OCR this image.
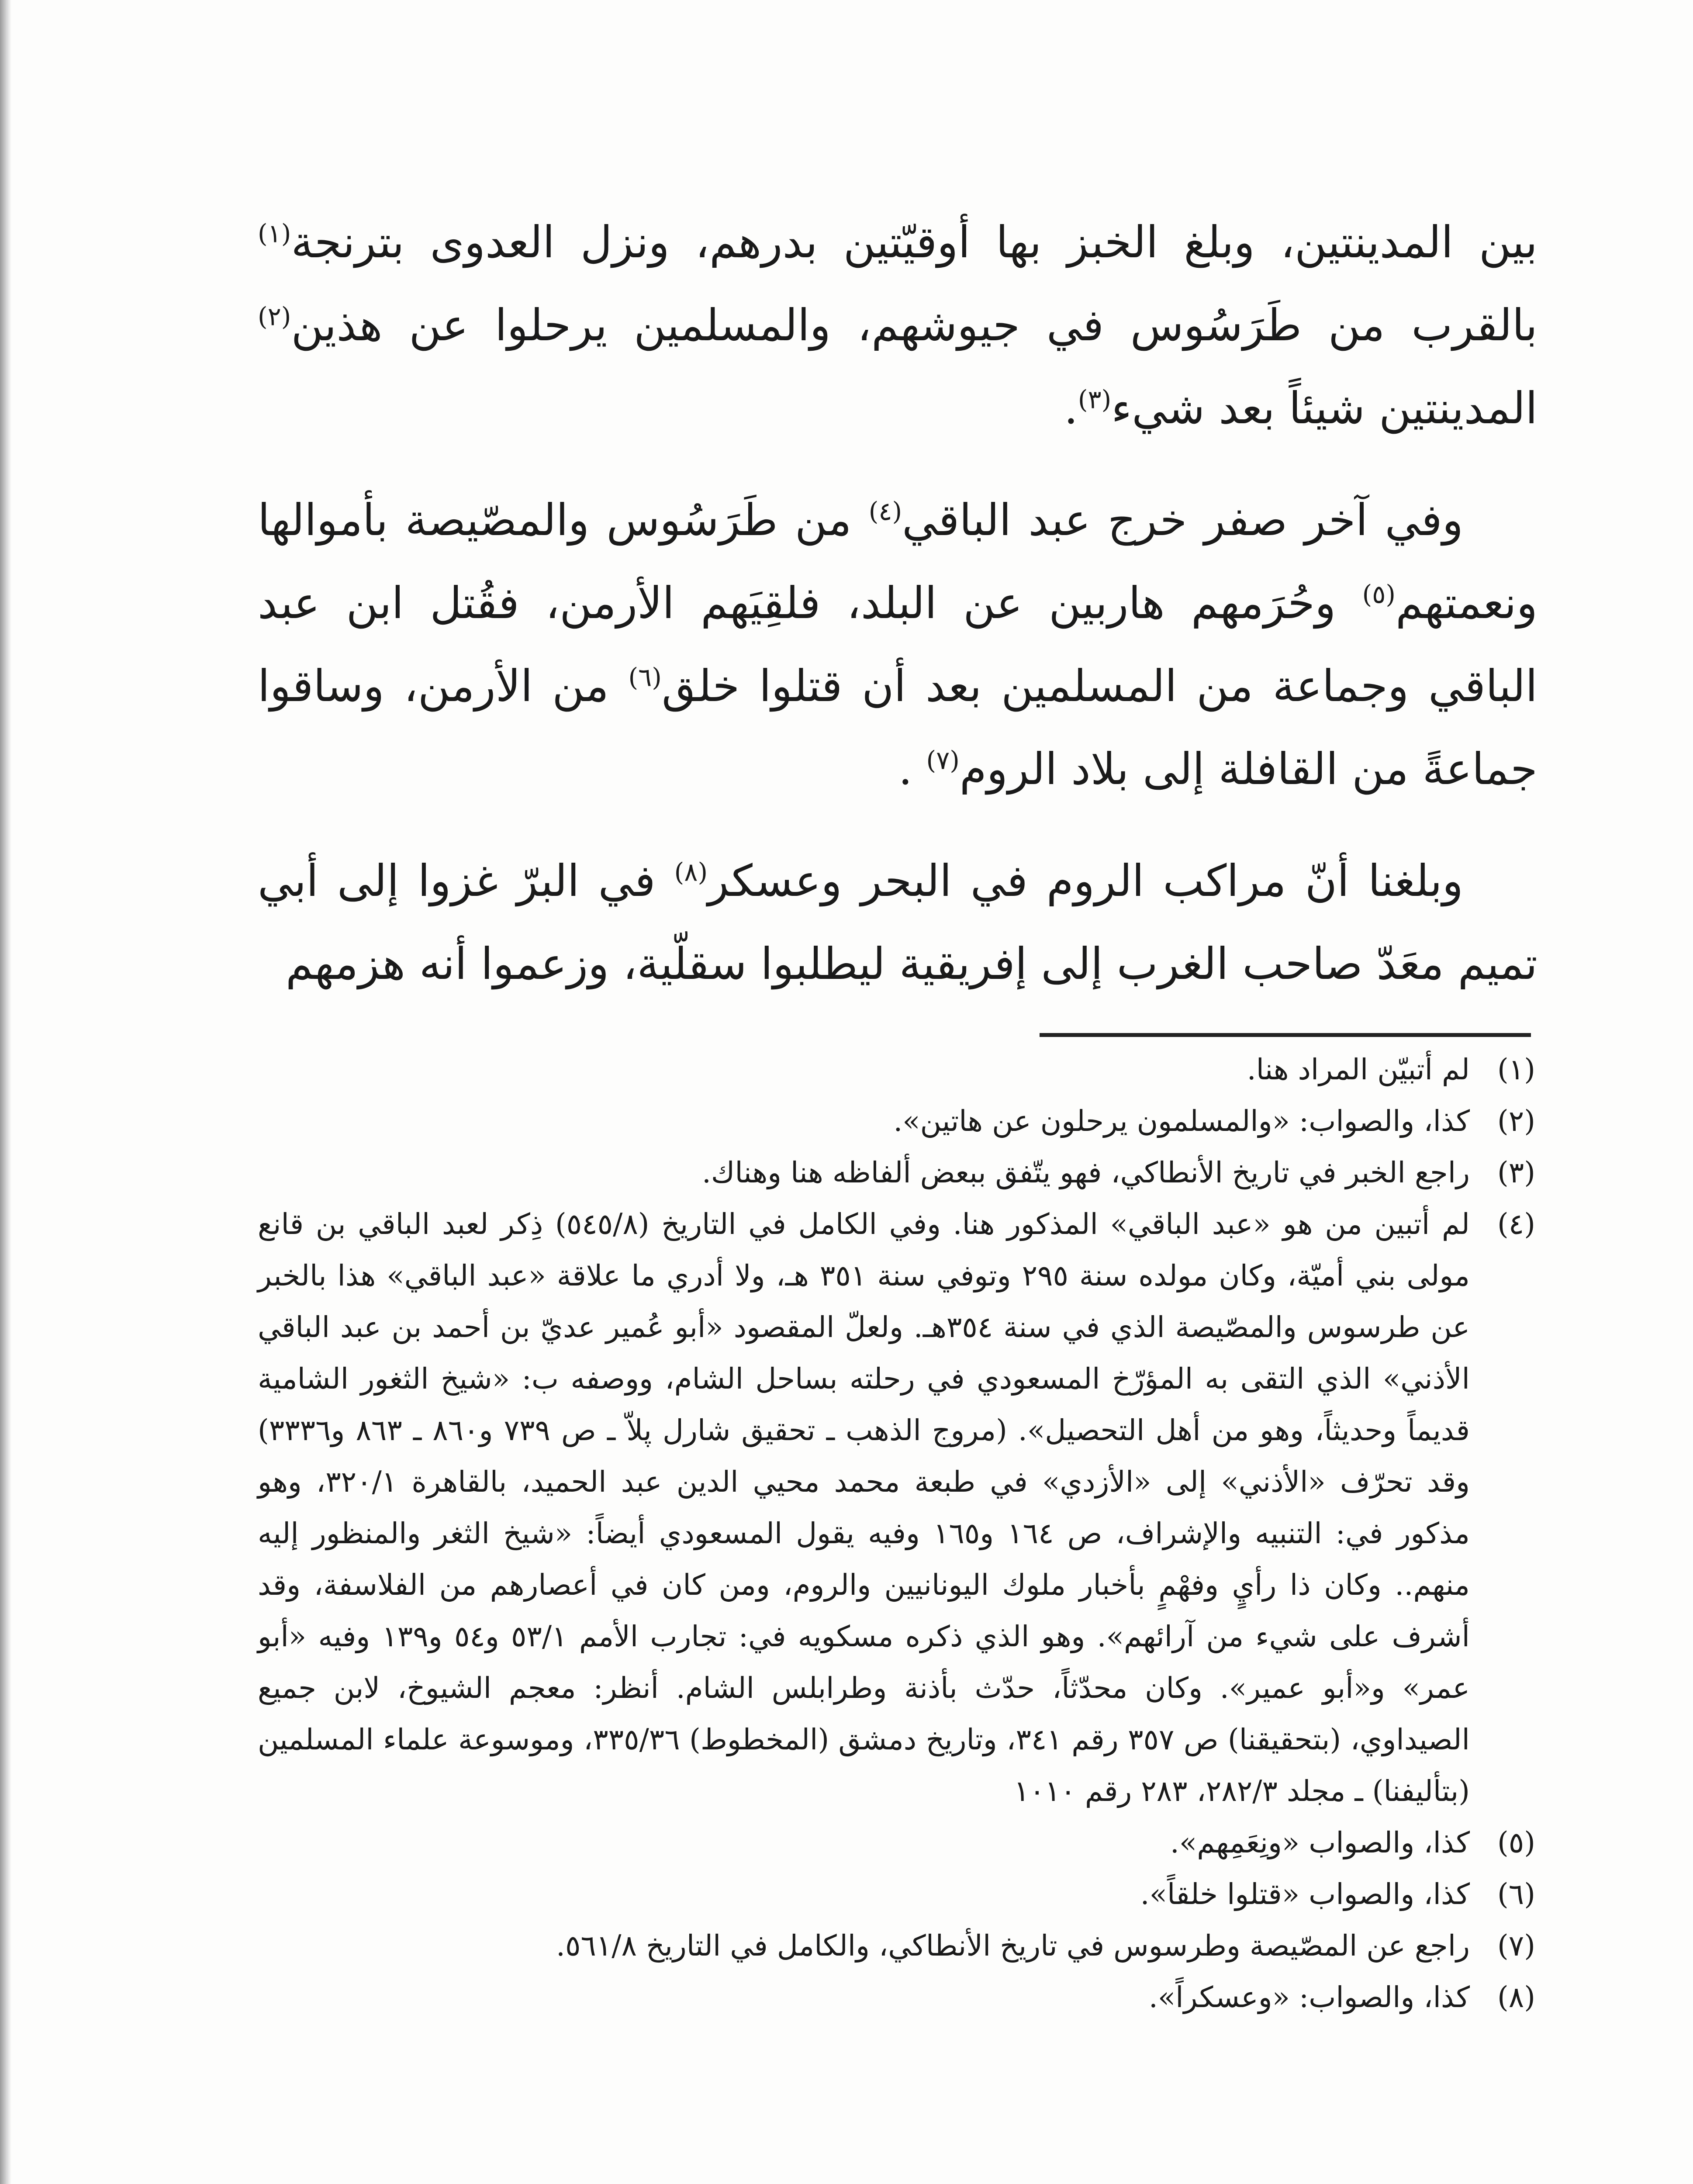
بين المدينتين، وبلغ الخبز بها أوقيّتين بدرهم، ونزل العدوى بترنجة$^{(١)}$ بالقرب من طَرَسُوس في جيوشهم، والمسلمين يرحلوا عن هذين$^{(٢)}$ المدينتين شيئاً بعد شيء$^{(٣)}$.

وفي آخر صفر خرج عبد الباقي$^{(٤)}$ من طَرَسُوس والمصّيصة بأموالها ونعمتهم$^{(٥)}$ وحُرَمهم هاربين عن البلد، فلقِيَهم الأرمن، فقُتل ابن عبد الباقي وجماعة من المسلمين بعد أن قتلوا خلق$^{(٦)}$ من الأرمن، وساقوا جماعةً من القافلة إلى بلاد الروم$^{(٧)}$ .

وبلغنا أنّ مراكب الروم في البحر وعسكر$^{(٨)}$ في البرّ غزوا إلى أبي تميم معَدّ صاحب الغرب إلى إفريقية ليطلبوا سقلّية، وزعموا أنه هزمهم

(١)
لم أتبيّن المراد هنا.
(٢)
كذا، والصواب: «والمسلمون يرحلون عن هاتين».
(٣)
راجع الخبر في تاريخ الأنطاكي، فهو يتّفق ببعض ألفاظه هنا وهناك.
(٤)
لم أتبين من هو «عبد الباقي» المذكور هنا. وفي الكامل في التاريخ (٥٤٥/٨) ذِكر لعبد الباقي بن قانع مولى بني أميّة، وكان مولده سنة ٢٩٥ وتوفي سنة ٣٥١ هـ، ولا أدري ما علاقة «عبد الباقي» هذا بالخبر عن طرسوس والمصّيصة الذي في سنة ٣٥٤هـ. ولعلّ المقصود «أبو عُمير عديّ بن أحمد بن عبد الباقي الأذني» الذي التقى به المؤرّخ المسعودي في رحلته بساحل الشام، ووصفه ب: «شيخ الثغور الشامية قديماً وحديثاً، وهو من أهل التحصيل». (مروج الذهب ـ تحقيق شارل پلاّ ـ ص ٧٣٩ و٨٦٠ ـ ٨٦٣ و٣٣٣٦) وقد تحرّف «الأذني» إلى «الأزدي» في طبعة محمد محيي الدين عبد الحميد، بالقاهرة ٣٢٠/١، وهو مذكور في: التنبيه والإشراف، ص ١٦٤ و١٦٥ وفيه يقول المسعودي أيضاً: «شيخ الثغر والمنظور إليه منهم.. وكان ذا رأيٍ وفهْمٍ بأخبار ملوك اليونانيين والروم، ومن كان في أعصارهم من الفلاسفة، وقد أشرف على شيء من آرائهم». وهو الذي ذكره مسكويه في: تجارب الأمم ٥٣/١ و٥٤ و١٣٩ وفيه «أبو عمر» و«أبو عمير». وكان محدّثاً، حدّث بأذنة وطرابلس الشام. أنظر: معجم الشيوخ، لابن جميع الصيداوي، (بتحقيقنا) ص ٣٥٧ رقم ٣٤١، وتاريخ دمشق (المخطوط) ٣٣٥/٣٦، وموسوعة علماء المسلمين (بتأليفنا) ـ مجلد ٢٨٢/٣، ٢٨٣ رقم ١٠١٠
(٥)
كذا، والصواب «ونِعَمِهم».
(٦)
كذا، والصواب «قتلوا خلقاً».
(٧)
راجع عن المصّيصة وطرسوس في تاريخ الأنطاكي، والكامل في التاريخ ٥٦١/٨.
(٨)
كذا، والصواب: «وعسكراً».
